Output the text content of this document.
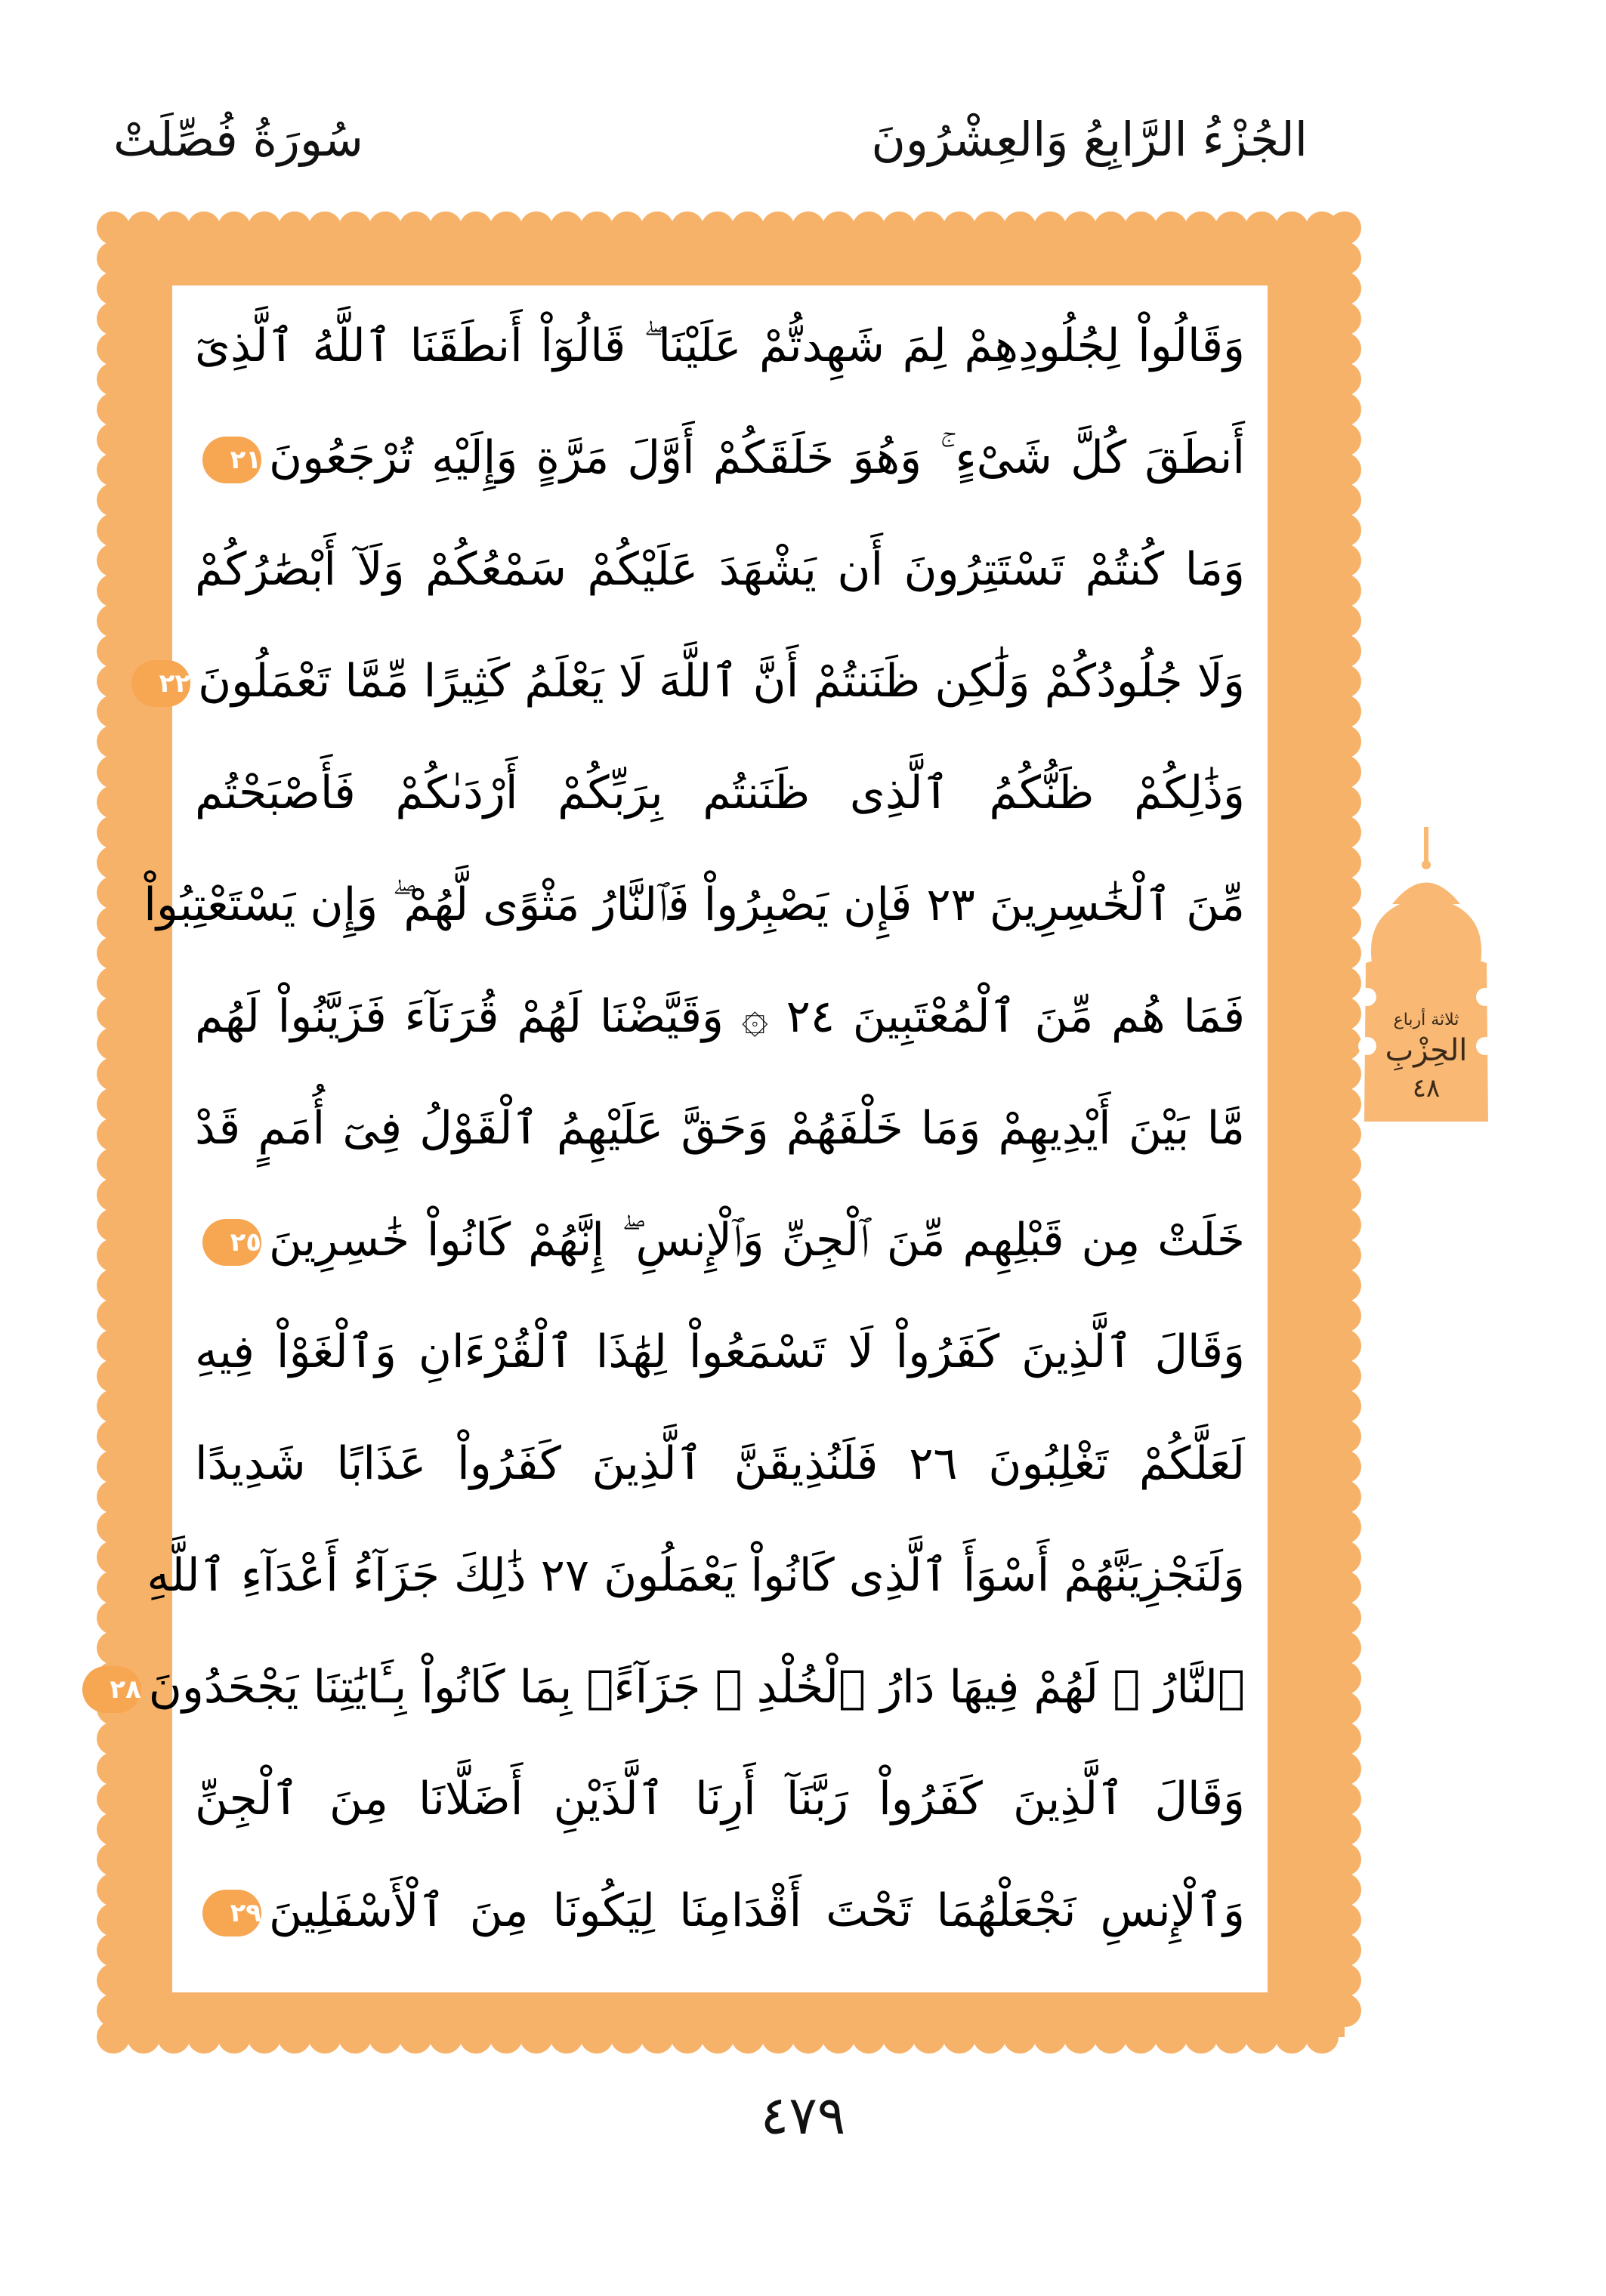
الجُزْءُ الرَّابِعُ وَالعِشْرُونَ
سُورَةُ فُصِّلَتْ
وَقَالُواْ لِجُلُودِهِمْ لِمَ شَهِدتُّمْ عَلَيْنَا ۖ قَالُوٓاْ أَنطَقَنَا ٱللَّهُ ٱلَّذِىٓ
أَنطَقَ كُلَّ شَىْءٍ ۚ وَهُوَ خَلَقَكُمْ أَوَّلَ مَرَّةٍ وَإِلَيْهِ تُرْجَعُونَ٢١
وَمَا كُنتُمْ تَسْتَتِرُونَ أَن يَشْهَدَ عَلَيْكُمْ سَمْعُكُمْ وَلَآ أَبْصَٰرُكُمْ
وَلَا جُلُودُكُمْ وَلَٰكِن ظَنَنتُمْ أَنَّ ٱللَّهَ لَا يَعْلَمُ كَثِيرًا مِّمَّا تَعْمَلُونَ٢٢
وَذَٰلِكُمْ ظَنُّكُمُ ٱلَّذِى ظَنَنتُم بِرَبِّكُمْ أَرْدَىٰكُمْ فَأَصْبَحْتُم
مِّنَ ٱلْخَٰسِرِينَ ٢٣ فَإِن يَصْبِرُواْ فَٱلنَّارُ مَثْوًى لَّهُمْ ۖ وَإِن يَسْتَعْتِبُواْ
فَمَا هُم مِّنَ ٱلْمُعْتَبِينَ ٢٤ ۞ وَقَيَّضْنَا لَهُمْ قُرَنَآءَ فَزَيَّنُواْ لَهُم
مَّا بَيْنَ أَيْدِيهِمْ وَمَا خَلْفَهُمْ وَحَقَّ عَلَيْهِمُ ٱلْقَوْلُ فِىٓ أُمَمٍ قَدْ
خَلَتْ مِن قَبْلِهِم مِّنَ ٱلْجِنِّ وَٱلْإِنسِ ۖ إِنَّهُمْ كَانُواْ خَٰسِرِينَ٢٥
وَقَالَ ٱلَّذِينَ كَفَرُواْ لَا تَسْمَعُواْ لِهَٰذَا ٱلْقُرْءَانِ وَٱلْغَوْاْ فِيهِ
لَعَلَّكُمْ تَغْلِبُونَ ٢٦ فَلَنُذِيقَنَّ ٱلَّذِينَ كَفَرُواْ عَذَابًا شَدِيدًا
وَلَنَجْزِيَنَّهُمْ أَسْوَأَ ٱلَّذِى كَانُواْ يَعْمَلُونَ ٢٧ ذَٰلِكَ جَزَآءُ أَعْدَآءِ ٱللَّهِ
ٱلنَّارُ ۖ لَهُمْ فِيهَا دَارُ ٱلْخُلْدِ ۖ جَزَآءًۢ بِمَا كَانُواْ بِـَٔايَٰتِنَا يَجْحَدُونَ٢٨
وَقَالَ ٱلَّذِينَ كَفَرُواْ رَبَّنَآ أَرِنَا ٱلَّذَيْنِ أَضَلَّانَا مِنَ ٱلْجِنِّ
وَٱلْإِنسِ نَجْعَلْهُمَا تَحْتَ أَقْدَامِنَا لِيَكُونَا مِنَ ٱلْأَسْفَلِينَ٢٩
ثلاثة أرباع
الحِزْبِ
٤٨
٤٧٩
